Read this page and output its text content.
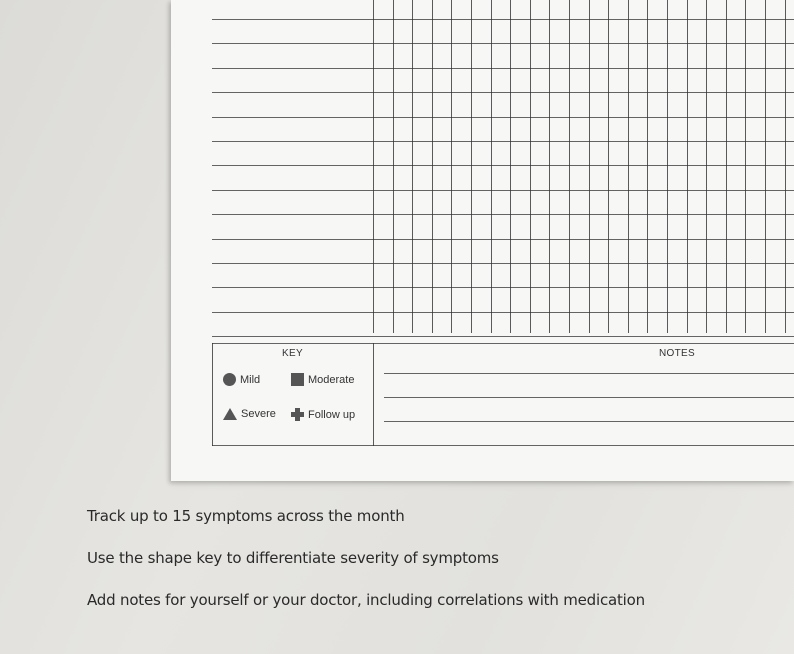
KEY
Mild	Moderate
Severe	Follow up
NOTES
Track up to 15 symptoms across the month
Use the shape key to differentiate severity of symptoms
Add notes for yourself or your doctor, including correlations with medication
